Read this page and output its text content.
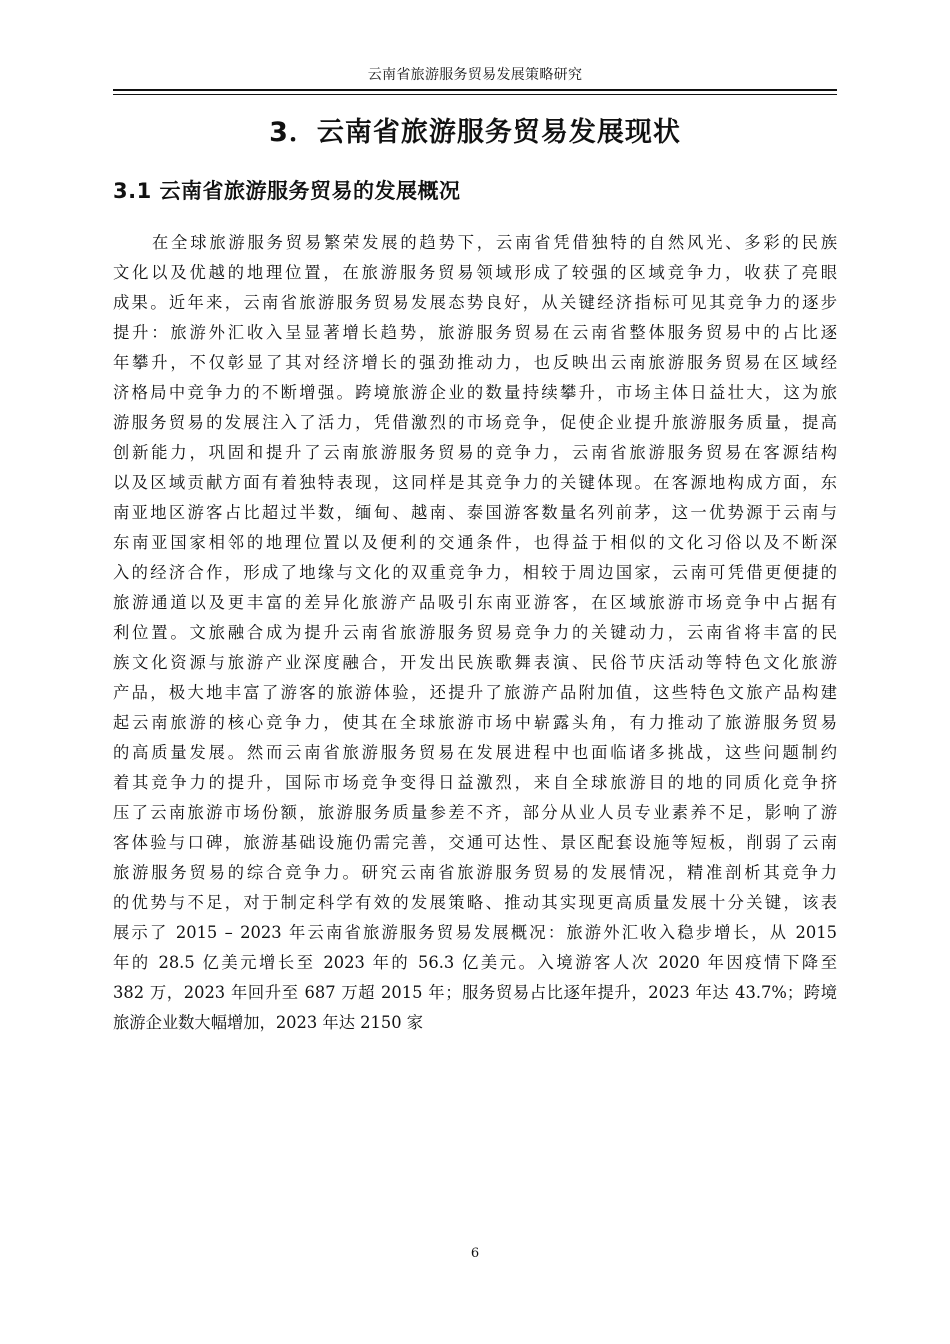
云南省旅游服务贸易发展策略研究
3．云南省旅游服务贸易发展现状
3.1 云南省旅游服务贸易的发展概况
在全球旅游服务贸易繁荣发展的趋势下，云南省凭借独特的自然风光、多彩的民族
文化以及优越的地理位置，在旅游服务贸易领域形成了较强的区域竞争力，收获了亮眼
成果。近年来，云南省旅游服务贸易发展态势良好，从关键经济指标可见其竞争力的逐步
提升：旅游外汇收入呈显著增长趋势，旅游服务贸易在云南省整体服务贸易中的占比逐
年攀升，不仅彰显了其对经济增长的强劲推动力，也反映出云南旅游服务贸易在区域经
济格局中竞争力的不断增强。跨境旅游企业的数量持续攀升，市场主体日益壮大，这为旅
游服务贸易的发展注入了活力，凭借激烈的市场竞争，促使企业提升旅游服务质量，提高
创新能力，巩固和提升了云南旅游服务贸易的竞争力，云南省旅游服务贸易在客源结构
以及区域贡献方面有着独特表现，这同样是其竞争力的关键体现。在客源地构成方面，东
南亚地区游客占比超过半数，缅甸、越南、泰国游客数量名列前茅，这一优势源于云南与
东南亚国家相邻的地理位置以及便利的交通条件，也得益于相似的文化习俗以及不断深
入的经济合作，形成了地缘与文化的双重竞争力，相较于周边国家，云南可凭借更便捷的
旅游通道以及更丰富的差异化旅游产品吸引东南亚游客，在区域旅游市场竞争中占据有
利位置。文旅融合成为提升云南省旅游服务贸易竞争力的关键动力，云南省将丰富的民
族文化资源与旅游产业深度融合，开发出民族歌舞表演、民俗节庆活动等特色文化旅游
产品，极大地丰富了游客的旅游体验，还提升了旅游产品附加值，这些特色文旅产品构建
起云南旅游的核心竞争力，使其在全球旅游市场中崭露头角，有力推动了旅游服务贸易
的高质量发展。然而云南省旅游服务贸易在发展进程中也面临诸多挑战，这些问题制约
着其竞争力的提升，国际市场竞争变得日益激烈，来自全球旅游目的地的同质化竞争挤
压了云南旅游市场份额，旅游服务质量参差不齐，部分从业人员专业素养不足，影响了游
客体验与口碑，旅游基础设施仍需完善，交通可达性、景区配套设施等短板，削弱了云南
旅游服务贸易的综合竞争力。研究云南省旅游服务贸易的发展情况，精准剖析其竞争力
的优势与不足，对于制定科学有效的发展策略、推动其实现更高质量发展十分关键，该表
展示了 2015 – 2023 年云南省旅游服务贸易发展概况：旅游外汇收入稳步增长，从 2015
年的 28.5 亿美元增长至 2023 年的 56.3 亿美元。入境游客人次 2020 年因疫情下降至
382 万，2023 年回升至 687 万超 2015 年；服务贸易占比逐年提升，2023 年达 43.7%；跨境
旅游企业数大幅增加，2023 年达 2150 家
6
